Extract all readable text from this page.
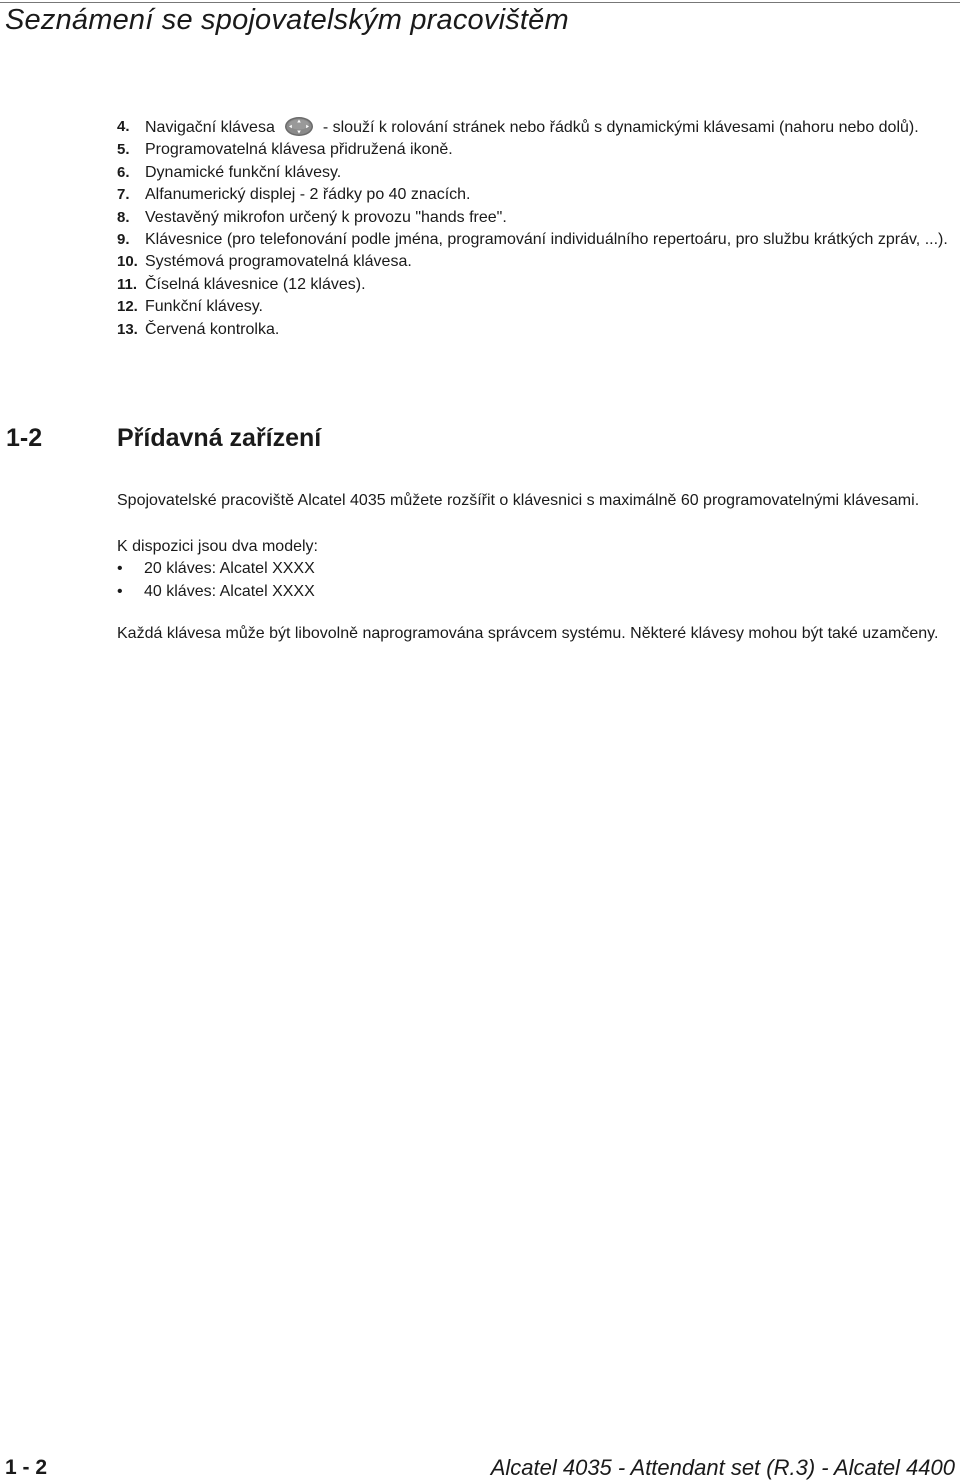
Seznámení se spojovatelským pracovištěm
4. Navigační klávesa	- slouží k rolování stránek nebo řádků s dynamickými klávesami (nahoru nebo dolů).
5. Programovatelná klávesa přidružená ikoně.
6. Dynamické funkční klávesy.
7. Alfanumerický displej - 2 řádky po 40 znacích.
8. Vestavěný mikrofon určený k provozu "hands free".
9. Klávesnice (pro telefonování podle jména, programování individuálního repertoáru, pro službu krátkých zpráv, ...).
10. Systémová programovatelná klávesa.
11. Číselná klávesnice (12 kláves).
12. Funkční klávesy.
13. Červená kontrolka.
1-2	Přídavná zařízení
Spojovatelské pracoviště Alcatel 4035 můžete rozšířit o klávesnici s maximálně 60 programovatelnými klávesami.
K dispozici jsou dva modely:
• 20 kláves: Alcatel XXXX
• 40 kláves: Alcatel XXXX
Každá klávesa může být libovolně naprogramována správcem systému. Některé klávesy mohou být také uzamčeny.
1 - 2	Alcatel 4035 - Attendant set (R.3) - Alcatel 4400
